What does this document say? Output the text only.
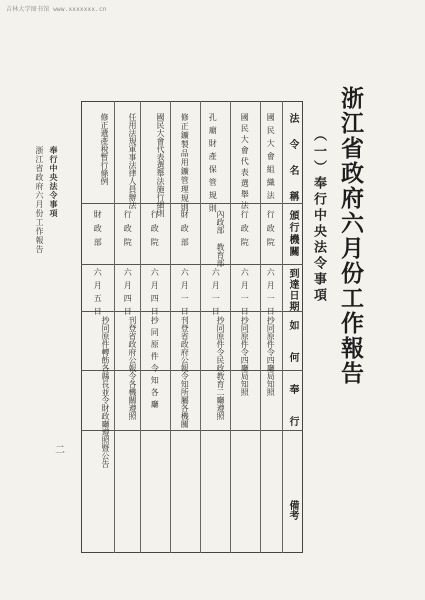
吉林大学图书馆 www.xxxxxxx.cn
浙江省政府六月份工作報告
（一）奉行中央法令事項
浙江省政府六月份工作報告 奉行中央法令事項
二
法令名稱
頒行機關
到達日期
如何奉行
備考
國民大會組織法
行政院
六月一日
抄同原件令四廳局知照
國民大會代表選舉法
行政院
六月一日
抄同原件令四廳局知照
孔廟財產保管規則
內政部 教育部
六月一日
抄同原件令民政教育二廳遵照
修正鑛製品用鑛管理規則
財政部
六月一日
刊登省政府公報令知所屬各機關
國民大會代表選舉法施行細則
行政院
六月四日
抄同原件令知各廳
任用法規軍事法律人員辦法
行政院
六月四日
刊登省政府公報令各機關遵照
修正遺產稅暫行條例
財政部
六月五日
抄同原件轉飭各縣長並令財政廳遵照暨公告
